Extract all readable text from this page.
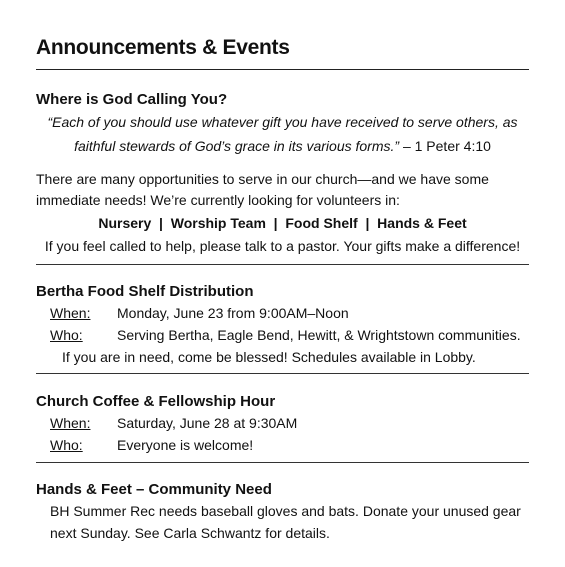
Announcements & Events
Where is God Calling You?
“Each of you should use whatever gift you have received to serve others, as
faithful stewards of God’s grace in its various forms.” – 1 Peter 4:10
There are many opportunities to serve in our church—and we have some
immediate needs! We’re currently looking for volunteers in:
Nursery  |  Worship Team  |  Food Shelf  |  Hands & Feet
If you feel called to help, please talk to a pastor. Your gifts make a difference!
Bertha Food Shelf Distribution
When:	Monday, June 23 from 9:00AM–Noon
Who:	Serving Bertha, Eagle Bend, Hewitt, & Wrightstown communities.
If you are in need, come be blessed! Schedules available in Lobby.
Church Coffee & Fellowship Hour
When:	Saturday, June 28 at 9:30AM
Who:	Everyone is welcome!
Hands & Feet – Community Need
BH Summer Rec needs baseball gloves and bats. Donate your unused gear
next Sunday. See Carla Schwantz for details.
